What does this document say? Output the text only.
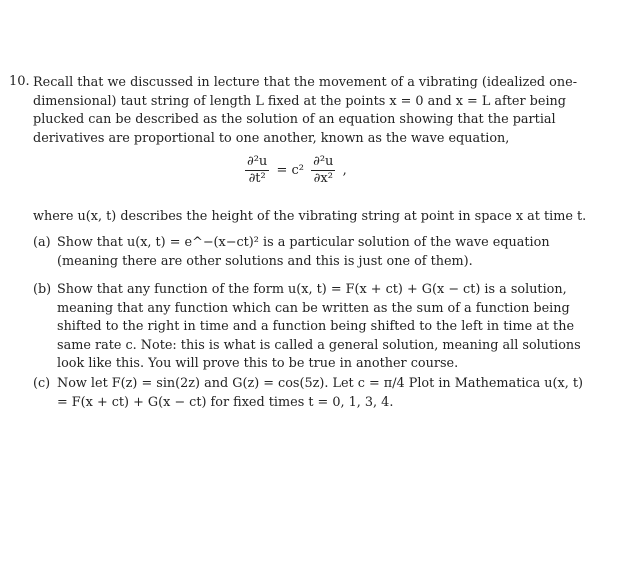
10. Recall that we discussed in lecture that the movement of a vibrating (idealized one-dimensional) taut string of length L fixed at the points x = 0 and x = L after being plucked can be described as the solution of an equation showing that the partial derivatives are proportional to one another, known as the wave equation,
$\frac{\text{∂²u}}{\text{∂t²}} = c^2 \frac{\text{∂²u}}{\text{∂x²}}$ ,
where u(x, t) describes the height of the vibrating string at point in space x at time t.
(a) Show that u(x, t) = e^−(x−ct)² is a particular solution of the wave equation (meaning there are other solutions and this is just one of them).
(b) Show that any function of the form u(x, t) = F(x + ct) + G(x − ct) is a solution, meaning that any function which can be written as the sum of a function being shifted to the right in time and a function being shifted to the left in time at the same rate c. Note: this is what is called a general solution, meaning all solutions look like this. You will prove this to be true in another course.
(c) Now let F(z) = sin(2z) and G(z) = cos(5z). Let c = π/4 Plot in Mathematica u(x, t) = F(x + ct) + G(x − ct) for fixed times t = 0, 1, 3, 4.
